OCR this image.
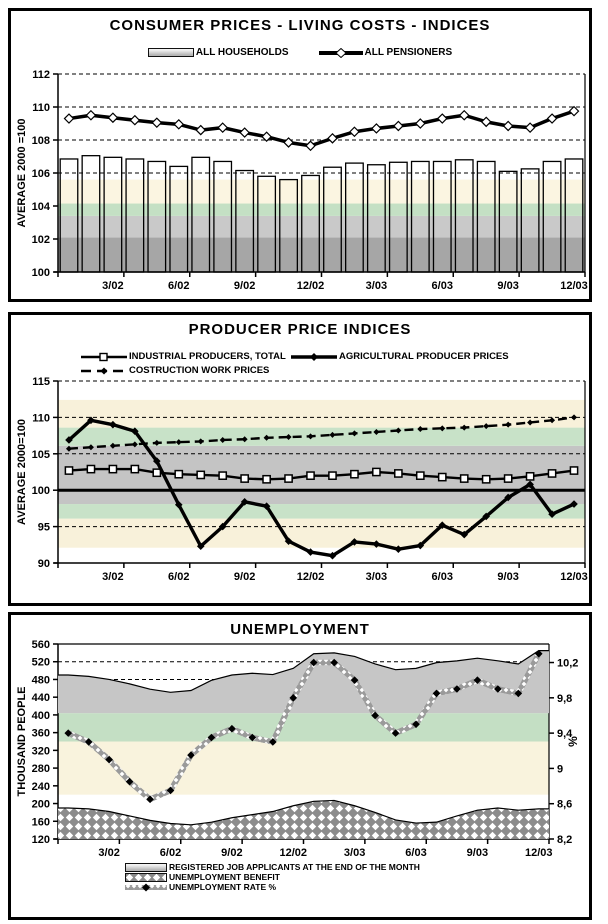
CONSUMER PRICES - LIVING COSTS - INDICES
ALL HOUSEHOLDS	ALL PENSIONERS
100
102
104
106
108
110
112
3/02	6/02	9/02	12/02	3/03	6/03	9/03	12/03
AVERAGE 2000 =100
PRODUCER PRICE INDICES
INDUSTRIAL PRODUCERS, TOTAL	AGRICULTURAL PRODUCER PRICES
COSTRUCTION WORK PRICES
90
95
100
105
110
115
3/02	6/02	9/02	12/02	3/03	6/03	9/03	12/03
AVERAGE 2000=100
UNEMPLOYMENT
120
160
200
240
280
320
360
400
440
480
520
560
10,2
9,8
9,4
9
8,6
8,2
3/02	6/02	9/02	12/02	3/03	6/03	9/03	12/03
THOUSAND PEOPLE	%
REGISTERED JOB APPLICANTS AT THE END OF THE MONTH
UNEMPLOYMENT BENEFIT
UNEMPLOYMENT RATE %
